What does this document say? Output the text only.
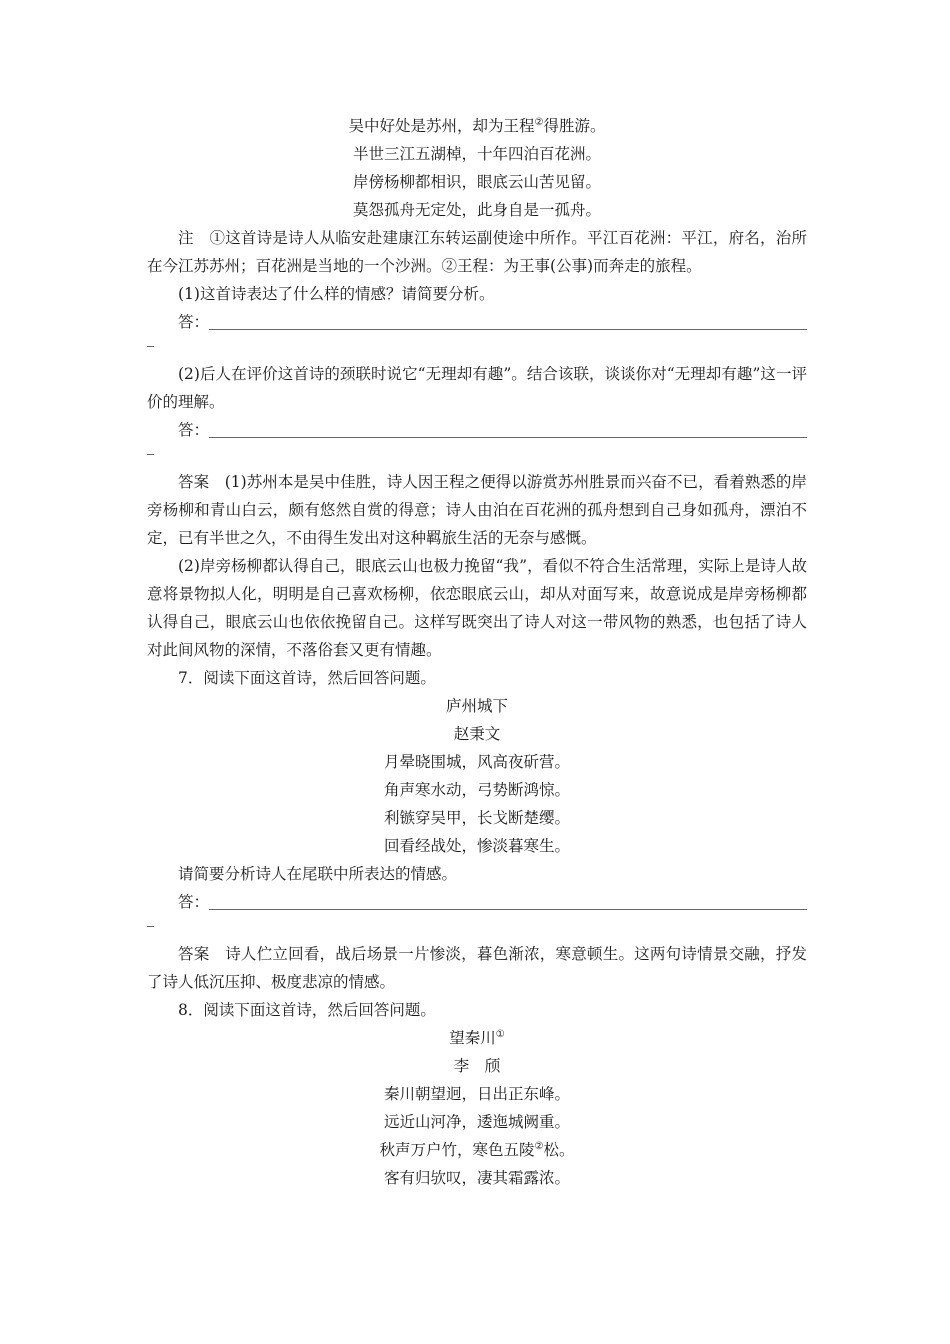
吴中好处是苏州，却为王程②得胜游。
半世三江五湖棹，十年四泊百花洲。
岸傍杨柳都相识，眼底云山苦见留。
莫怨孤舟无定处，此身自是一孤舟。
注　①这首诗是诗人从临安赴建康江东转运副使途中所作。平江百花洲：平江，府名，治所在今江苏苏州；百花洲是当地的一个沙洲。②王程：为王事(公事)而奔走的旅程。
(1)这首诗表达了什么样的情感？请简要分析。
答：
(2)后人在评价这首诗的颈联时说它“无理却有趣”。结合该联，谈谈你对“无理却有趣”这一评价的理解。
答：
答案　(1)苏州本是吴中佳胜，诗人因王程之便得以游赏苏州胜景而兴奋不已，看着熟悉的岸旁杨柳和青山白云，颇有悠然自赏的得意；诗人由泊在百花洲的孤舟想到自己身如孤舟，漂泊不定，已有半世之久，不由得生发出对这种羁旅生活的无奈与感慨。
(2)岸旁杨柳都认得自己，眼底云山也极力挽留“我”，看似不符合生活常理，实际上是诗人故意将景物拟人化，明明是自己喜欢杨柳，依恋眼底云山，却从对面写来，故意说成是岸旁杨柳都认得自己，眼底云山也依依挽留自己。这样写既突出了诗人对这一带风物的熟悉，也包括了诗人对此间风物的深情，不落俗套又更有情趣。
7．阅读下面这首诗，然后回答问题。
庐州城下
赵秉文
月晕晓围城，风高夜斫营。
角声寒水动，弓势断鸿惊。
利镞穿吴甲，长戈断楚缨。
回看经战处，惨淡暮寒生。
请简要分析诗人在尾联中所表达的情感。
答：
答案　诗人伫立回看，战后场景一片惨淡，暮色渐浓，寒意顿生。这两句诗情景交融，抒发了诗人低沉压抑、极度悲凉的情感。
8．阅读下面这首诗，然后回答问题。
望秦川①
李　颀
秦川朝望迥，日出正东峰。
远近山河净，逶迤城阙重。
秋声万户竹，寒色五陵②松。
客有归欤叹，凄其霜露浓。
